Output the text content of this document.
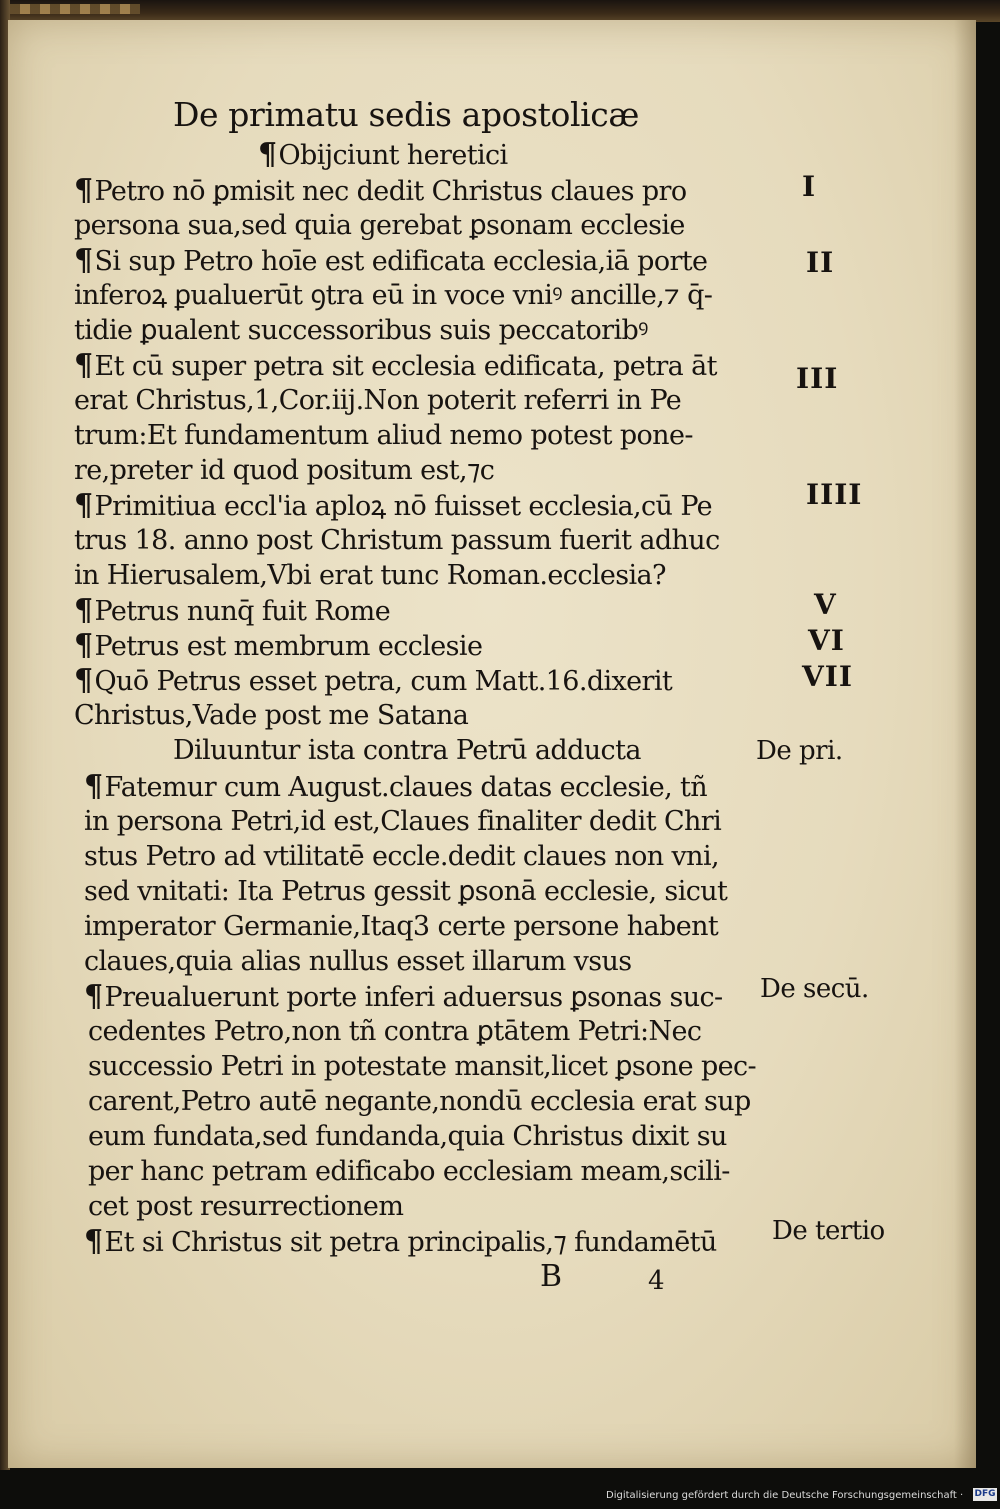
De primatu sedis apostolicæ

¶Obijciunt heretici

¶Petro nō ꝑmisit nec dedit Christus claues pro

persona sua,sed quia gerebat ꝑsonam ecclesie

¶Si sup Petro hoīe est edificata ecclesia,iā porte

inferoꝝ ꝑualuerūt ꝯtra eū in voce vniꝰ ancille,⁊ q̄-

tidie ꝑualent successoribus suis peccatoribꝰ

¶Et cū super petra sit ecclesia edificata, petra āt

erat Christus,1,Cor.iij.Non poterit referri in Pe

trum:Et fundamentum aliud nemo potest pone-

re,preter id quod positum est,⁊c

¶Primitiua eccl'ia aploꝝ nō fuisset ecclesia,cū Pe

trus 18. anno post Christum passum fuerit adhuc

in Hierusalem,Vbi erat tunc Roman.ecclesia?

¶Petrus nunq̄ fuit Rome

¶Petrus est membrum ecclesie

¶Quō Petrus esset petra, cum Matt.16.dixerit

Christus,Vade post me Satana

Diluuntur ista contra Petrū adducta

¶Fatemur cum August.claues datas ecclesie, tñ

in persona Petri,id est,Claues finaliter dedit Chri

stus Petro ad vtilitatē eccle.dedit claues non vni,

sed vnitati: Ita Petrus gessit ꝑsonā ecclesie, sicut

imperator Germanie,Itaq3 certe persone habent

claues,quia alias nullus esset illarum vsus

¶Preualuerunt porte inferi aduersus ꝑsonas suc-

cedentes Petro,non tñ contra ꝑtātem Petri:Nec

successio Petri in potestate mansit,licet ꝑsone pec-

carent,Petro autē negante,nondū ecclesia erat sup

eum fundata,sed fundanda,quia Christus dixit su

per hanc petram edificabo ecclesiam meam,scili-

cet post resurrectionem

¶Et si Christus sit petra principalis,⁊ fundamētū

I

II

III

IIII

V

VI

VII

De pri.

De secū.

De tertio

B	4

Digitalisierung gefördert durch die Deutsche Forschungsgemeinschaft · DFG
